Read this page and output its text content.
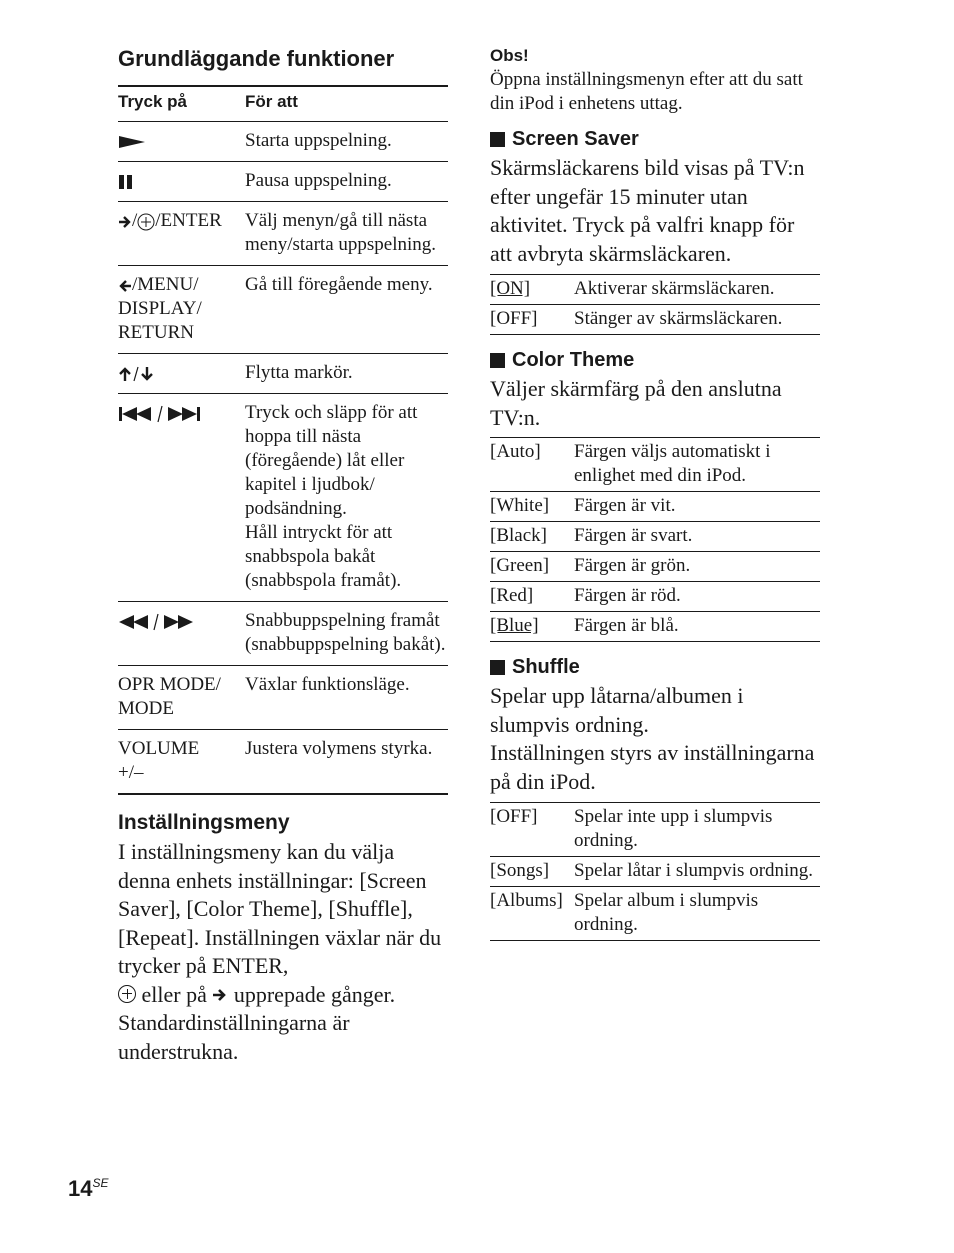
Grundläggande funktioner
Tryck på	För att
	Starta uppspelning.
	Pausa uppspelning.
/ /ENTER	Välj menyn/gå till nästa meny/starta uppspelning.
/MENU/
DISPLAY/
RETURN	Gå till föregående meny.
	Flytta markör.
	Tryck och släpp för att hoppa till nästa (föregående) låt eller kapitel i ljudbok/ podsändning.
Håll intryckt för att snabbspola bakåt (snabbspola framåt).
	Snabbuppspelning framåt (snabbuppspelning bakåt).
OPR MODE/
MODE	Växlar funktionsläge.
VOLUME
+/–	Justera volymens styrka.
Inställningsmeny

I inställningsmeny kan du välja denna enhets inställningar: [Screen Saver], [Color Theme], [Shuffle], [Repeat]. Inställningen växlar när du trycker på ENTER,
eller på  upprepade gånger. Standardinställningarna är understrukna.

Obs!

Öppna inställningsmenyn efter att du satt din iPod i enhetens uttag.

Screen Saver

Skärmsläckarens bild visas på TV:n efter ungefär 15 minuter utan aktivitet. Tryck på valfri knapp för att avbryta skärmsläckaren.

[ON]	Aktiverar skärmsläckaren.
[OFF]	Stänger av skärmsläckaren.
Color Theme

Väljer skärmfärg på den anslutna TV:n.

[Auto]	Färgen väljs automatiskt i enlighet med din iPod.
[White]	Färgen är vit.
[Black]	Färgen är svart.
[Green]	Färgen är grön.
[Red]	Färgen är röd.
[Blue]	Färgen är blå.
Shuffle

Spelar upp låtarna/albumen i slumpvis ordning.
Inställningen styrs av inställningarna på din iPod.

[OFF]	Spelar inte upp i slumpvis ordning.
[Songs]	Spelar låtar i slumpvis ordning.
[Albums]	Spelar album i slumpvis ordning.
$14^{SE}$
